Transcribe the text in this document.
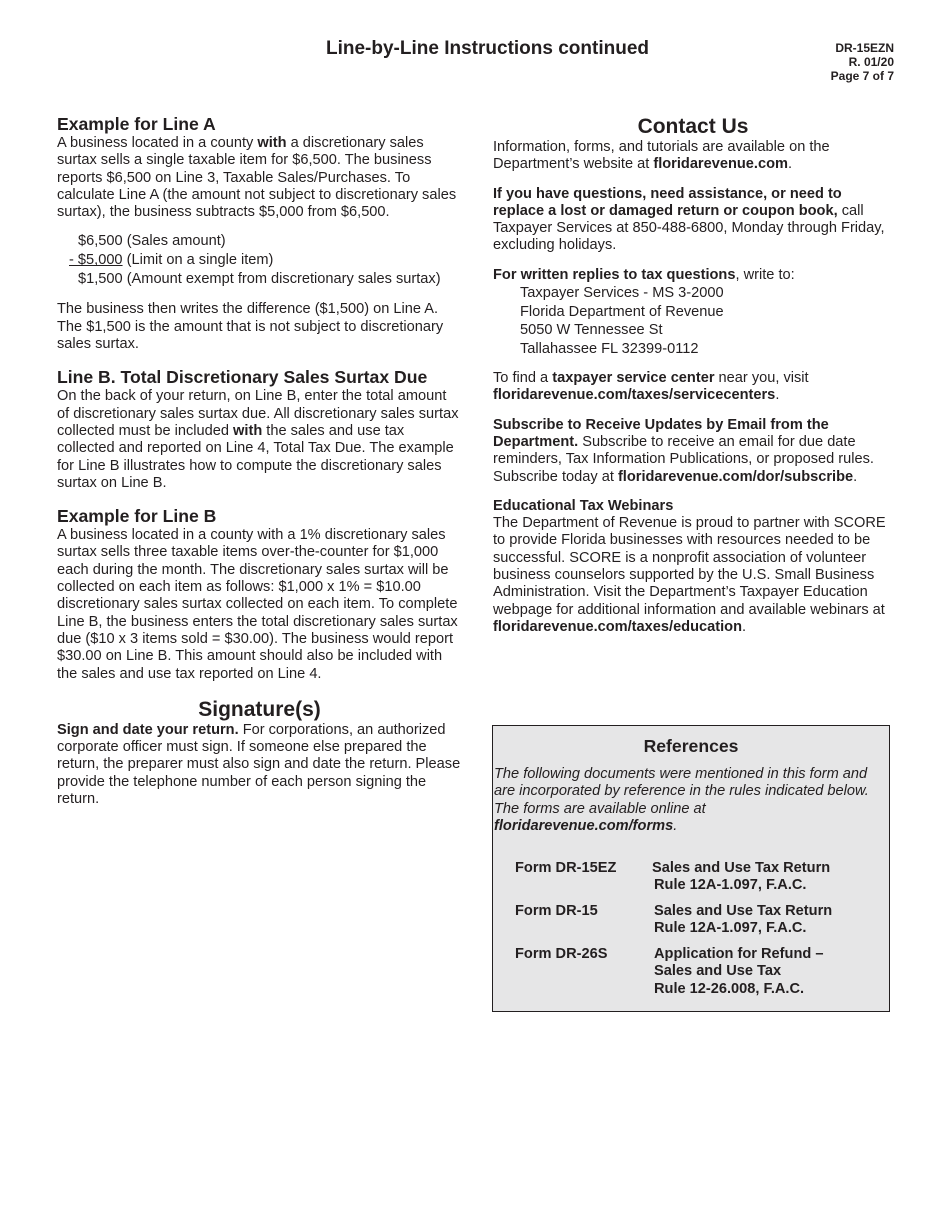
Line-by-Line Instructions continued	DR-15EZN
R. 01/20
Page 7 of 7
Example for Line A

A business located in a county with a discretionary sales surtax sells a single taxable item for $6,500. The business reports $6,500 on Line 3, Taxable Sales/Purchases. To calculate Line A (the amount not subject to discretionary sales surtax), the business subtracts $5,000 from $6,500.

$6,500 (Sales amount)
- $5,000 (Limit on a single item)
$1,500 (Amount exempt from discretionary sales surtax)

The business then writes the difference ($1,500) on Line A. The $1,500 is the amount that is not subject to discretionary sales surtax.

Line B. Total Discretionary Sales Surtax Due

On the back of your return, on Line B, enter the total amount of discretionary sales surtax due. All discretionary sales surtax collected must be included with the sales and use tax collected and reported on Line 4, Total Tax Due. The example for Line B illustrates how to compute the discretionary sales surtax on Line B.

Example for Line B

A business located in a county with a 1% discretionary sales surtax sells three taxable items over-the-counter for $1,000 each during the month. The discretionary sales surtax will be collected on each item as follows: $1,000 x 1% = $10.00 discretionary sales surtax collected on each item. To complete Line B, the business enters the total discretionary sales surtax due ($10 x 3 items sold = $30.00). The business would report $30.00 on Line B. This amount should also be included with the sales and use tax reported on Line 4.

Signature(s)

Sign and date your return. For corporations, an authorized corporate officer must sign. If someone else prepared the return, the preparer must also sign and date the return. Please provide the telephone number of each person signing the return.

Contact Us

Information, forms, and tutorials are available on the Department’s website at floridarevenue.com.

If you have questions, need assistance, or need to replace a lost or damaged return or coupon book, call Taxpayer Services at 850-488-6800, Monday through Friday, excluding holidays.

For written replies to tax questions, write to:

Taxpayer Services - MS 3-2000
Florida Department of Revenue
5050 W Tennessee St
Tallahassee FL 32399-0112

To find a taxpayer service center near you, visit floridarevenue.com/taxes/servicecenters.

Subscribe to Receive Updates by Email from the Department. Subscribe to receive an email for due date reminders, Tax Information Publications, or proposed rules. Subscribe today at floridarevenue.com/dor/subscribe.

Educational Tax Webinars

The Department of Revenue is proud to partner with SCORE to provide Florida businesses with resources needed to be successful. SCORE is a nonprofit association of volunteer business counselors supported by the U.S. Small Business Administration. Visit the Department’s Taxpayer Education webpage for additional information and available webinars at floridarevenue.com/taxes/education.

References

The following documents were mentioned in this form and are incorporated by reference in the rules indicated below. The forms are available online at floridarevenue.com/forms.

Form DR-15EZ	Sales and Use Tax Return
Rule 12A-1.097, F.A.C.
Form DR-15	Sales and Use Tax Return
Rule 12A-1.097, F.A.C.
Form DR-26S	Application for Refund –
Sales and Use Tax
Rule 12-26.008, F.A.C.
